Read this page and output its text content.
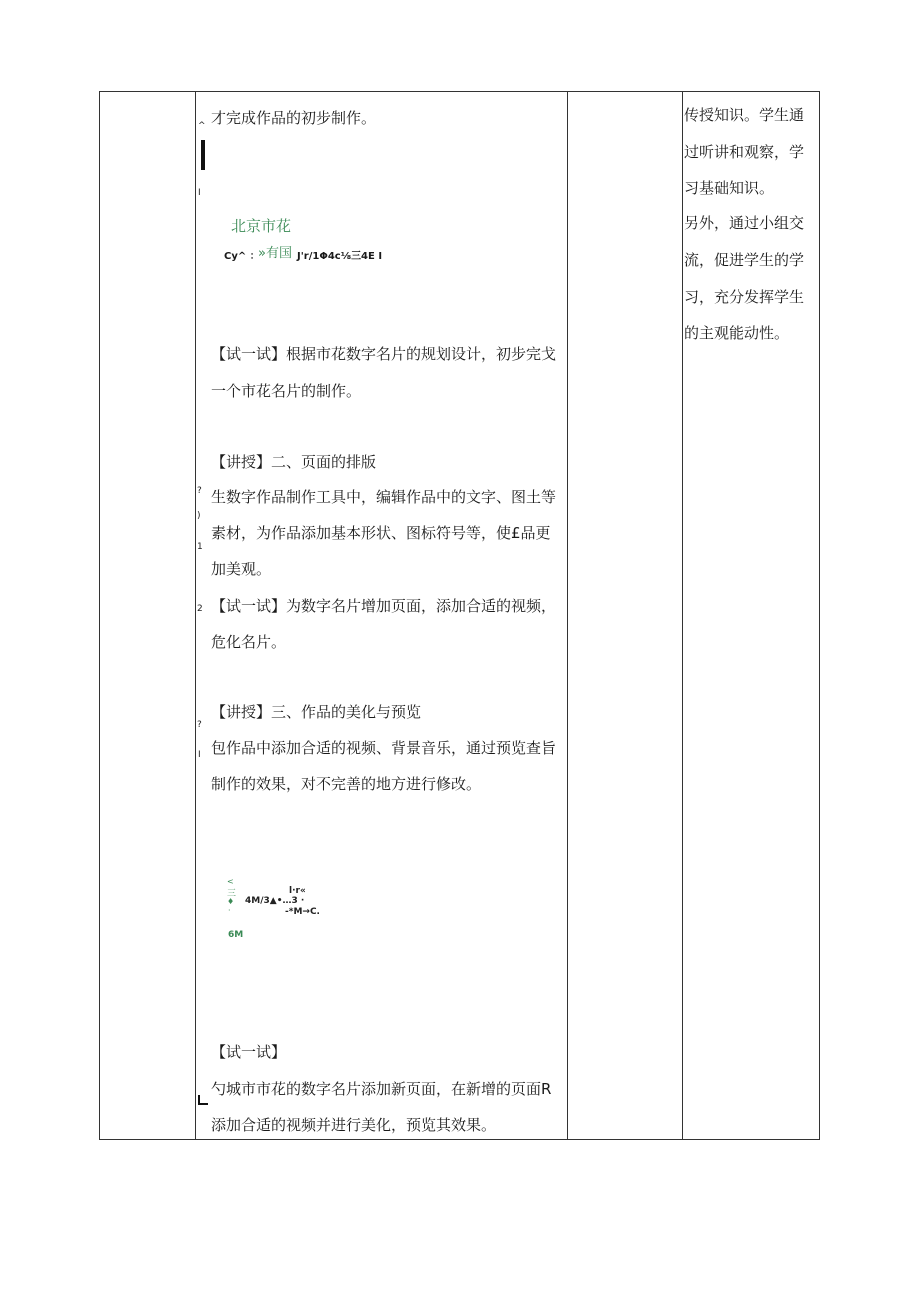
^
I
?
)
1
2
?
I
才完成作品的初步制作。
北京市花
Cy^ ：
»有国 J'r/1Φ4c⅛三4E I
【试一试】根据市花数字名片的规划设计，初步完戈
一个市花名片的制作。
【讲授】二、页面的排版
生数字作品制作工具中，编辑作品中的文字、图土等
素材，为作品添加基本形状、图标符号等，使£品更
加美观。
【试一试】为数字名片增加页面，添加合适的视频，
危化名片。
【讲授】三、作品的美化与预览
包作品中添加合适的视频、背景音乐，通过预览查旨
制作的效果，对不完善的地方进行修改。
<
三
♦
·
l·r«
4M/3▲•…3 ·
-*M→C.
6M
【试一试】
勺城市市花的数字名片添加新页面，在新增的页面R
添加合适的视频并进行美化，预览其效果。
传授知识。学生通
过听讲和观察，学
习基础知识。
另外，通过小组交
流，促进学生的学
习，充分发挥学生
的主观能动性。
